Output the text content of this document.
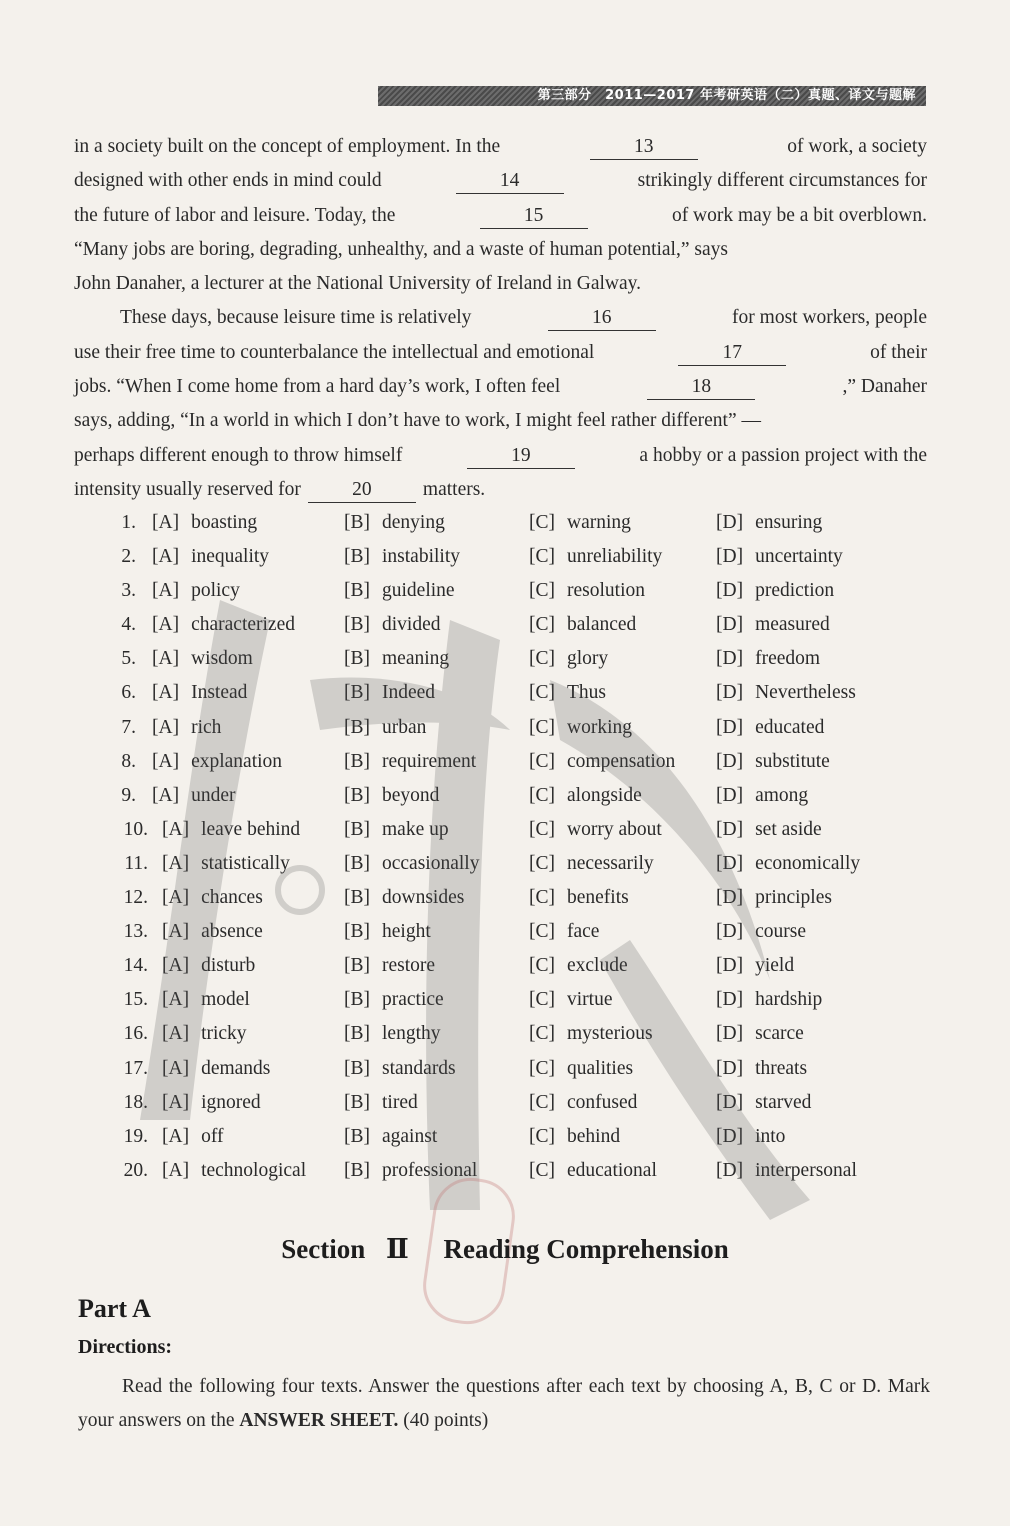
第三部分　2011—2017 年考研英语（二）真题、译文与题解
in a society built on the concept of employment. In the	13	of work, a society
designed with other ends in mind could	14	strikingly different circumstances for
the future of labor and leisure. Today, the	15	of work may be a bit overblown.
“Many jobs are boring, degrading, unhealthy, and a waste of human potential,” says
John Danaher, a lecturer at the National University of Ireland in Galway.
These days, because leisure time is relatively	16	for most workers, people
use their free time to counterbalance the intellectual and emotional	17	of their
jobs. “When I come home from a hard day’s work, I often feel	18	,” Danaher
says, adding, “In a world in which I don’t have to work, I might feel rather different” —
perhaps different enough to throw himself	19	a hobby or a passion project with the
intensity usually reserved for	20	matters.
1. [A] boasting	[B] denying	[C] warning	[D] ensuring
2. [A] inequality	[B] instability	[C] unreliability	[D] uncertainty
3. [A] policy	[B] guideline	[C] resolution	[D] prediction
4. [A] characterized	[B] divided	[C] balanced	[D] measured
5. [A] wisdom	[B] meaning	[C] glory	[D] freedom
6. [A] Instead	[B] Indeed	[C] Thus	[D] Nevertheless
7. [A] rich	[B] urban	[C] working	[D] educated
8. [A] explanation	[B] requirement	[C] compensation [D] substitute
9. [A] under	[B] beyond	[C] alongside	[D] among
10. [A] leave behind [B] make up	[C] worry about	[D] set aside
11. [A] statistically	[B] occasionally	[C] necessarily	[D] economically
12. [A] chances	[B] downsides	[C] benefits	[D] principles
13. [A] absence	[B] height	[C] face	[D] course
14. [A] disturb	[B] restore	[C] exclude	[D] yield
15. [A] model	[B] practice	[C] virtue	[D] hardship
16. [A] tricky	[B] lengthy	[C] mysterious	[D] scarce
17. [A] demands	[B] standards	[C] qualities	[D] threats
18. [A] ignored	[B] tired	[C] confused	[D] starved
19. [A] off	[B] against	[C] behind	[D] into
20. [A] technological [B] professional	[C] educational	[D] interpersonal
Section Ⅱ Reading Comprehension
Part A
Directions:
Read the following four texts. Answer the questions after each text by choosing A, B, C or D. Mark your answers on the ANSWER SHEET. (40 points)
